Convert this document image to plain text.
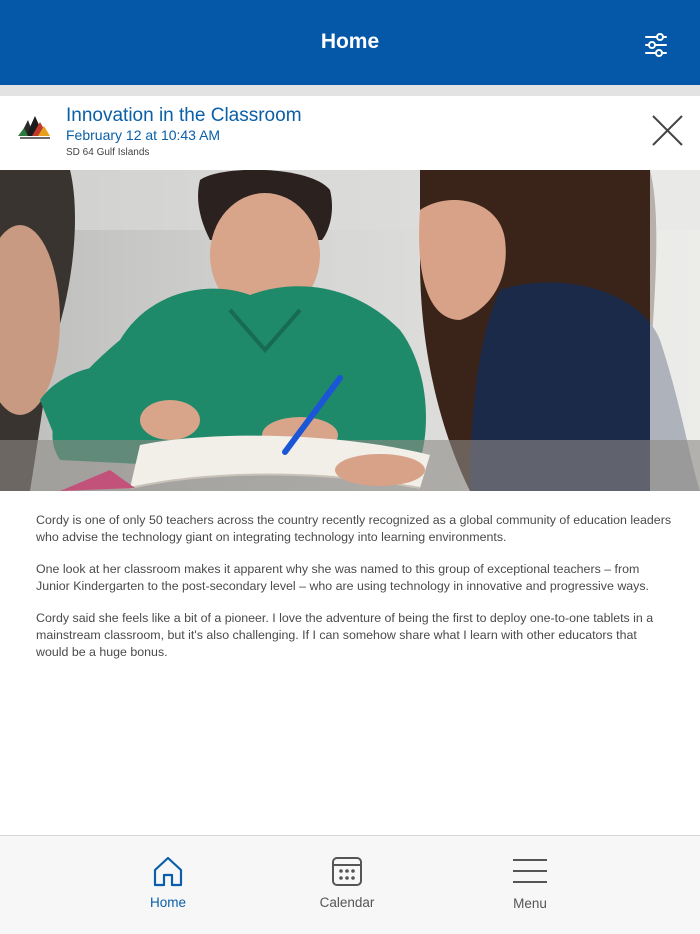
Home
Innovation in the Classroom
February 12 at 10:43 AM
SD 64 Gulf Islands

Cordy is one of only 50 teachers across the country recently recognized as a global community of education leaders who advise the technology giant on integrating technology into learning environments.

One look at her classroom makes it apparent why she was named to this group of exceptional teachers – from Junior Kindergarten to the post-secondary level – who are using technology in innovative and progressive ways.

Cordy said she feels like a bit of a pioneer. I love the adventure of being the first to deploy one-to-one tablets in a mainstream classroom, but it's also challenging. If I can somehow share what I learn with other educators that would be a huge bonus.

Home	Calendar	Menu
